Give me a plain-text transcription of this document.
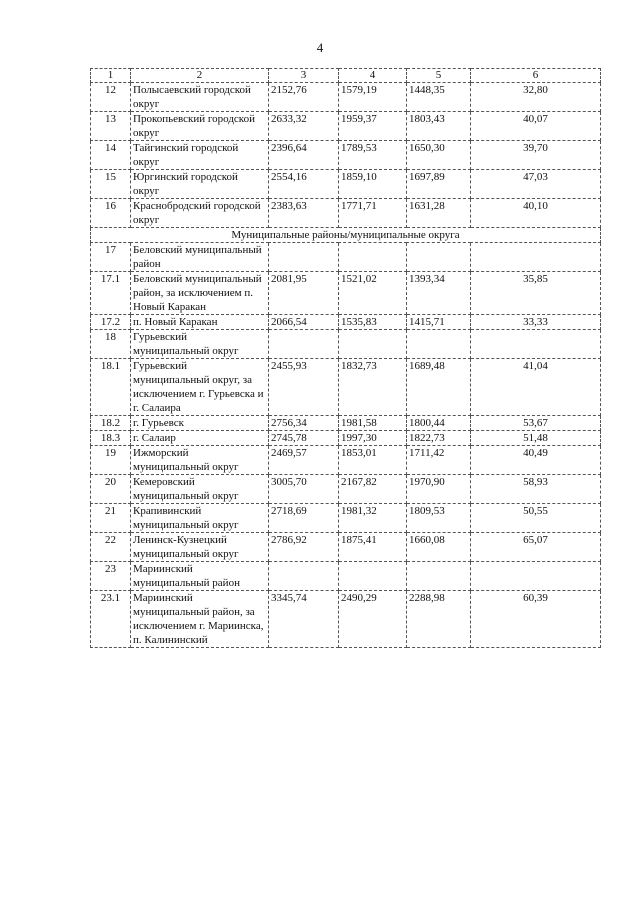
4
1	2	3	4	5	6
12	Полысаевский городской округ	2152,76	1579,19	1448,35	32,80
13	Прокопьевский городской округ	2633,32	1959,37	1803,43	40,07
14	Тайгинский городской округ	2396,64	1789,53	1650,30	39,70
15	Юргинский городской округ	2554,16	1859,10	1697,89	47,03
16	Краснобродский городской округ	2383,63	1771,71	1631,28	40,10
Муниципальные районы/муниципальные округа					
17	Беловский муниципальный район				
17.1	Беловский муниципальный район, за исключением п. Новый Каракан	2081,95	1521,02	1393,34	35,85
17.2	п. Новый Каракан	2066,54	1535,83	1415,71	33,33
18	Гурьевский муниципальный округ				
18.1	Гурьевский муниципальный округ, за исключением г. Гурьевска и г. Салаира	2455,93	1832,73	1689,48	41,04
18.2	г. Гурьевск	2756,34	1981,58	1800,44	53,67
18.3	г. Салаир	2745,78	1997,30	1822,73	51,48
19	Ижморский муниципальный округ	2469,57	1853,01	1711,42	40,49
20	Кемеровский муниципальный округ	3005,70	2167,82	1970,90	58,93
21	Крапивинский муниципальный округ	2718,69	1981,32	1809,53	50,55
22	Ленинск-Кузнецкий муниципальный округ	2786,92	1875,41	1660,08	65,07
23	Мариинский муниципальный район				
23.1	Мариинский муниципальный район, за исключением г. Мариинска, п. Калининский	3345,74	2490,29	2288,98	60,39
